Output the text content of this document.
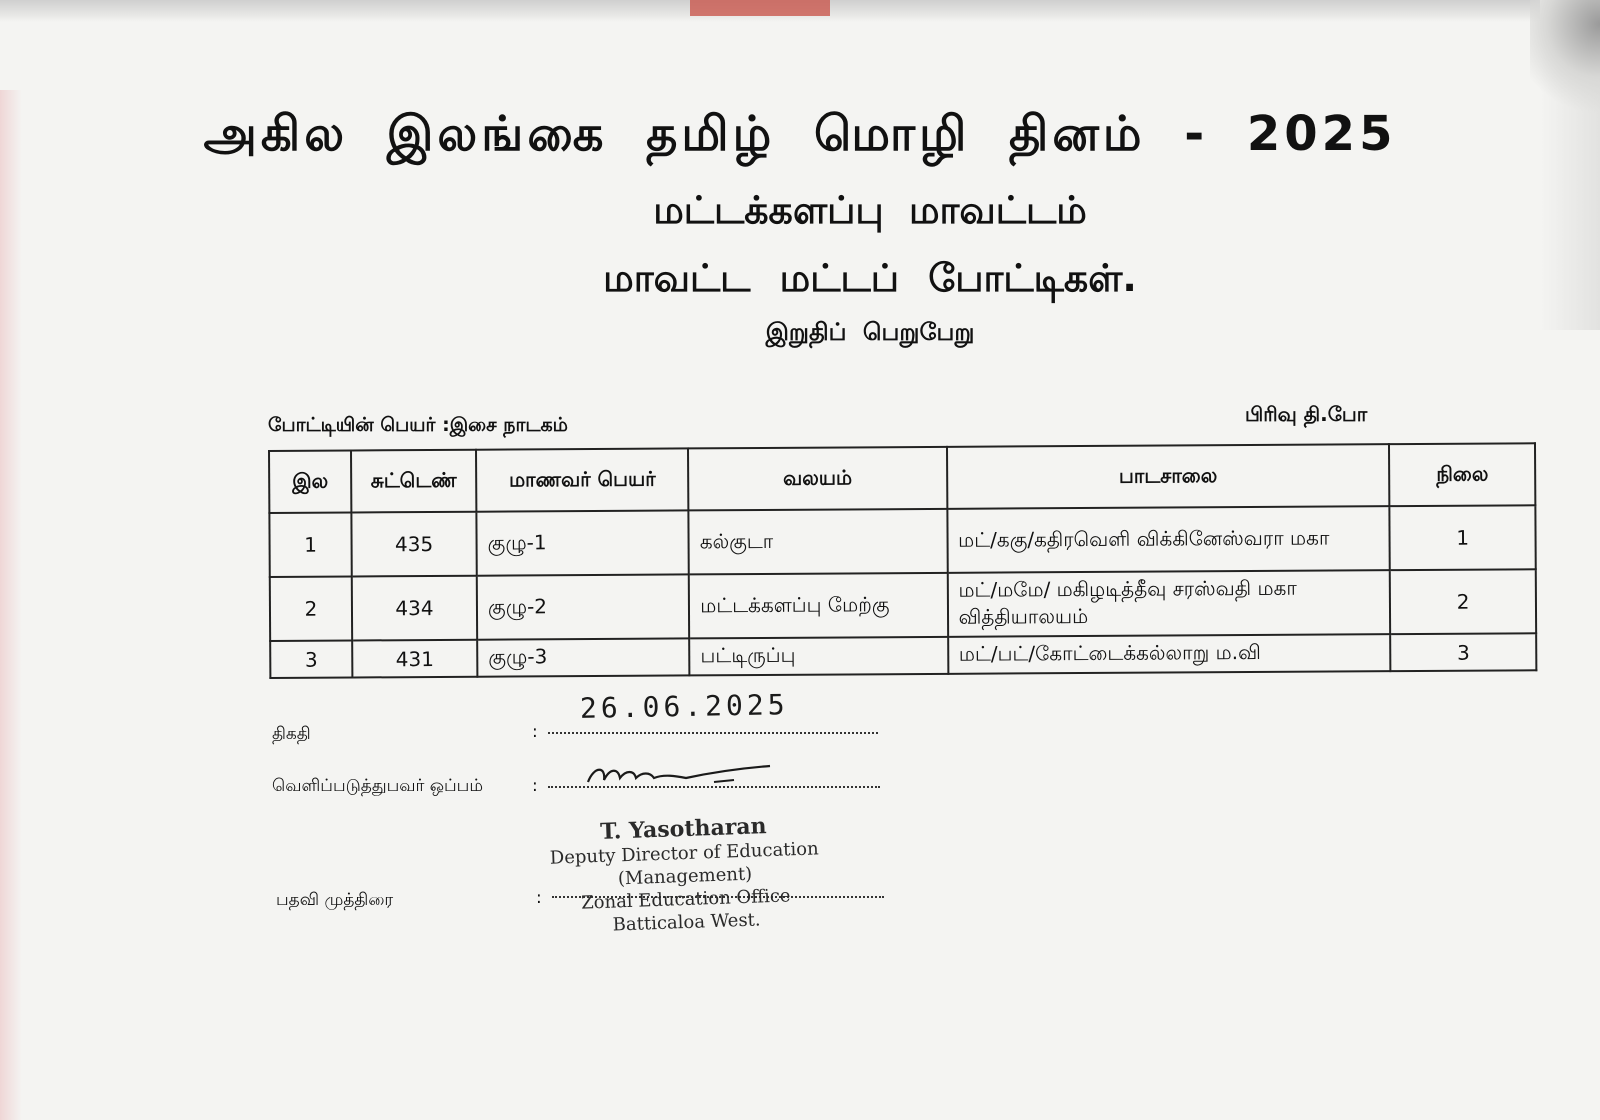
அகில இலங்கை தமிழ் மொழி தினம் - 2025
மட்டக்களப்பு மாவட்டம்
மாவட்ட மட்டப் போட்டிகள்.
இறுதிப் பெறுபேறு
போட்டியின் பெயர் :இசை நாடகம்	பிரிவு தி.போ
இல	சுட்டெண்	மாணவர் பெயர்	வலயம்	பாடசாலை	நிலை
1	435	குழு-1	கல்குடா	மட்/ககு/கதிரவெளி விக்கினேஸ்வரா மகா	1
2	434	குழு-2	மட்டக்களப்பு மேற்கு	மட்/மமே/ மகிழடித்தீவு சரஸ்வதி மகா வித்தியாலயம்	2
3	431	குழு-3	பட்டிருப்பு	மட்/பட்/கோட்டைக்கல்லாறு ம.வி	3
திகதி	:
26.06.2025
வெளிப்படுத்துபவர் ஒப்பம்	:
பதவி முத்திரை	:
T. Yasotharan
Deputy Director of Education
(Management)
Zonal Education Office
Batticaloa West.
